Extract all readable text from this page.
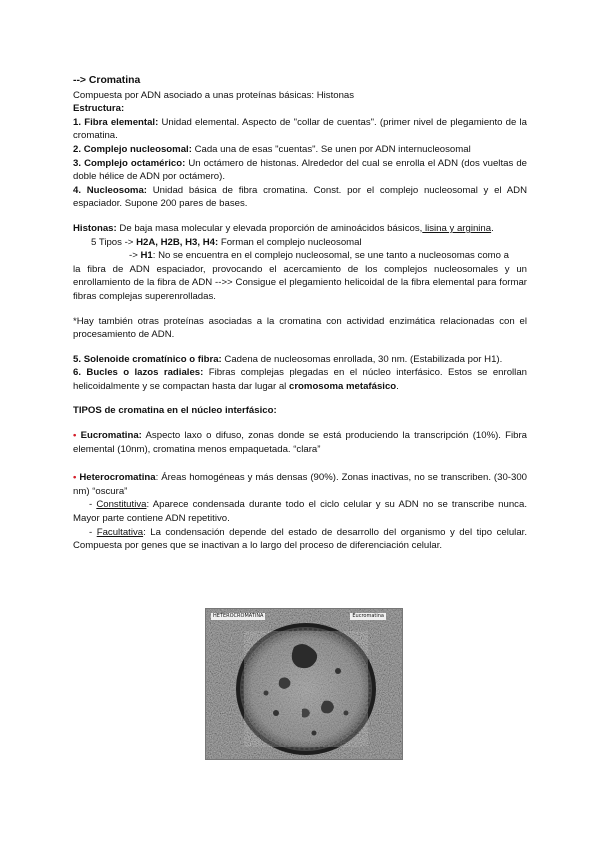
--> Cromatina

Compuesta por ADN asociado a unas proteínas básicas: Histonas

Estructura:

1. Fibra elemental: Unidad elemental. Aspecto de "collar de cuentas". (primer nivel de plegamiento de la cromatina.

2. Complejo nucleosomal: Cada una de esas "cuentas". Se unen por ADN internucleosomal

3. Complejo octamérico: Un octámero de histonas. Alrededor del cual se enrolla el ADN (dos vueltas de doble hélice de ADN por octámero).

4. Nucleosoma: Unidad básica de fibra cromatina. Const. por el complejo nucleosomal y el ADN espaciador. Supone 200 pares de bases.

Histonas: De baja masa molecular y elevada proporción de aminoácidos básicos, lisina y arginina.

5 Tipos -> H2A, H2B, H3, H4: Forman el complejo nucleosomal

-> H1: No se encuentra en el complejo nucleosomal, se une tanto a nucleosomas como a

la fibra de ADN espaciador, provocando el acercamiento de los complejos nucleosomales y un enrollamiento de la fibra de ADN -->> Consigue el plegamiento helicoidal de la fibra elemental para formar fibras complejas superenrolladas.

*Hay también otras proteínas asociadas a la cromatina con actividad enzimática relacionadas con el procesamiento de ADN.

5. Solenoide cromatínico o fibra: Cadena de nucleosomas enrollada, 30 nm. (Estabilizada por H1).

6. Bucles o lazos radiales: Fibras complejas plegadas en el núcleo interfásico. Estos se enrollan helicoidalmente y se compactan hasta dar lugar al cromosoma metafásico.

TIPOS de cromatina en el núcleo interfásico:

• Eucromatina: Aspecto laxo o difuso, zonas donde se está produciendo la transcripción (10%). Fibra elemental (10nm), cromatina menos empaquetada. “clara”

• Heterocromatina: Áreas homogéneas y más densas (90%). Zonas inactivas, no se transcriben. (30-300 nm) “oscura”

- Constitutiva: Aparece condensada durante todo el ciclo celular y su ADN no se transcribe nunca. Mayor parte contiene ADN repetitivo.

- Facultativa: La condensación depende del estado de desarrollo del organismo y del tipo celular. Compuesta por genes que se inactivan a lo largo del proceso de diferenciación celular.

HETEROCROMATINA	Eucromatina
